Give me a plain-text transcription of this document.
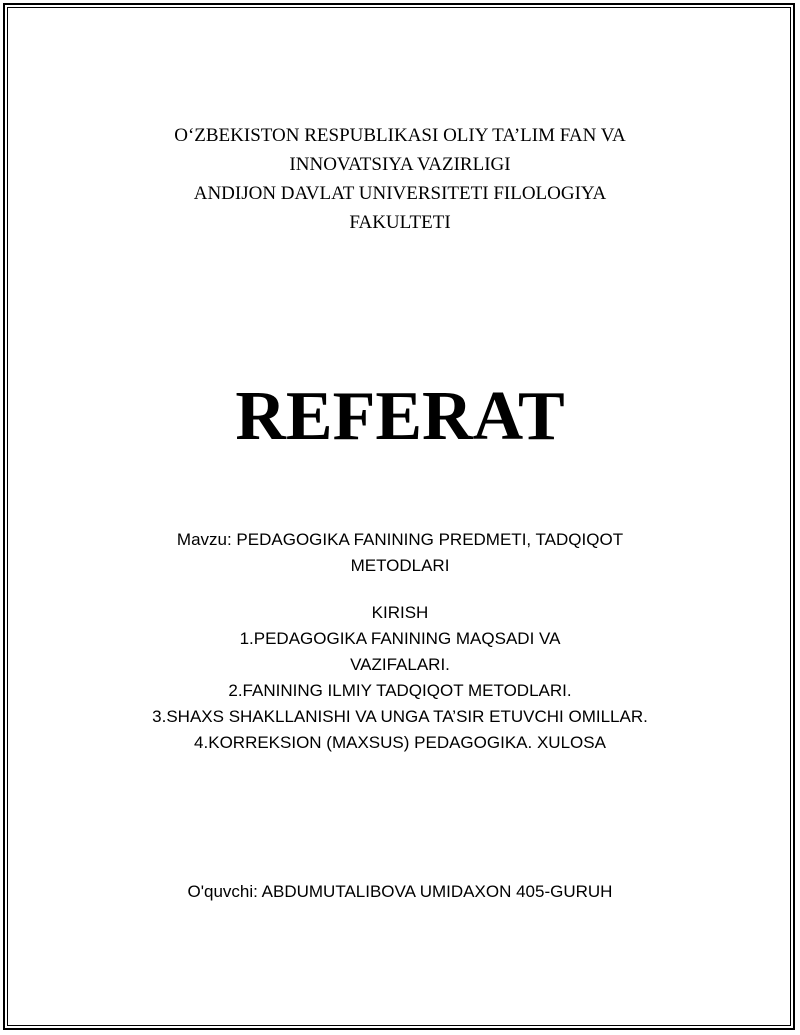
O‘ZBEKISTON RESPUBLIKASI OLIY TA’LIM FAN VA
INNOVATSIYA VAZIRLIGI
ANDIJON DAVLAT UNIVERSITETI FILOLOGIYA
FAKULTETI
REFERAT
Mavzu: PEDAGOGIKA FANINING PREDMETI, TADQIQOT
METODLARI
KIRISH
1.PEDAGOGIKA FANINING MAQSADI VA
VAZIFALARI.
2.FANINING ILMIY TADQIQOT METODLARI.
3.SHAXS SHAKLLANISHI VA UNGA TA’SIR ETUVCHI OMILLAR.
4.KORREKSION (MAXSUS) PEDAGOGIKA. XULOSA
O'quvchi: ABDUMUTALIBOVA UMIDAXON 405-GURUH
